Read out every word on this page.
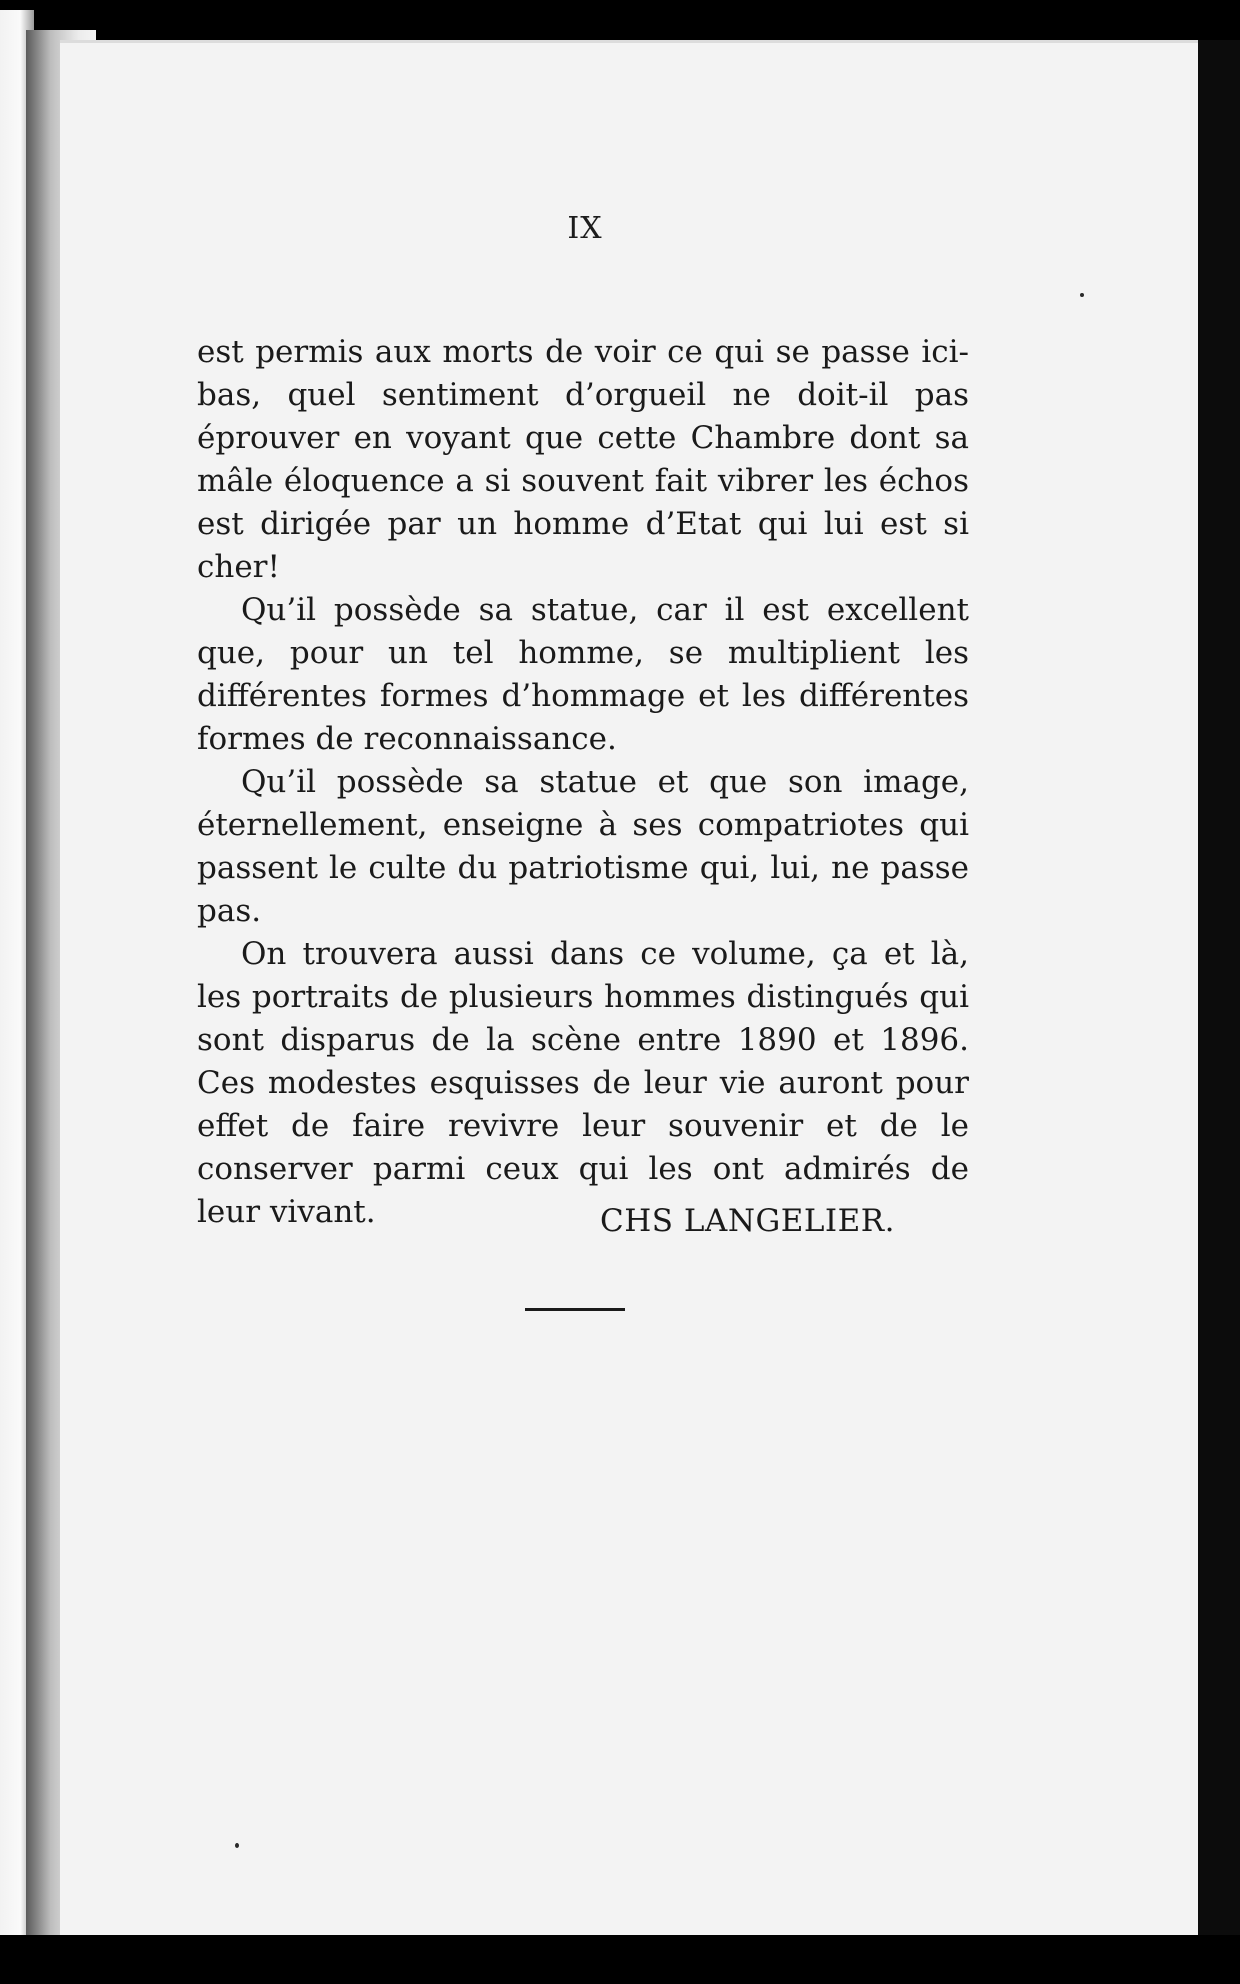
IX

est permis aux morts de voir ce qui se passe ici-bas, quel sentiment d’orgueil ne doit-il pas éprouver en voyant que cette Chambre dont sa mâle éloquence a si souvent fait vibrer les échos est dirigée par un homme d’Etat qui lui est si cher!

Qu’il possède sa statue, car il est excellent que, pour un tel homme, se multiplient les différentes formes d’hommage et les différentes formes de reconnaissance.

Qu’il possède sa statue et que son image, éternellement, enseigne à ses compatriotes qui passent le culte du patriotisme qui, lui, ne passe pas.

On trouvera aussi dans ce volume, ça et là, les portraits de plusieurs hommes distingués qui sont disparus de la scène entre 1890 et 1896. Ces modestes esquisses de leur vie auront pour effet de faire revivre leur souvenir et de le conserver parmi ceux qui les ont admirés de leur vivant.	CHS LANGELIER.
